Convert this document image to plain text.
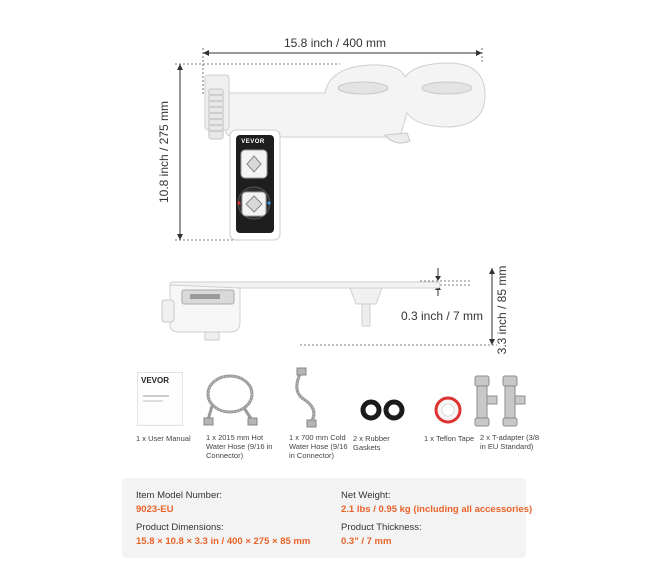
VEVOR
15.8 inch / 400 mm
10.8 inch / 275 mm
0.3 inch / 7 mm 3.3 inch / 85 mm
VEVOR
1 x User Manual	1 x 2015 mm Hot Water Hose (9/16 in Connector)
1 x 700 mm Cold Water Hose (9/16 in Connector)
2 x Rubber Gaskets
1 x Teflon Tape 2 x T-adapter (3/8 in EU Standard)
Item Model Number:
9023-EU
Product Dimensions:
15.8 × 10.8 × 3.3 in / 400 × 275 × 85 mm
Net Weight:
2.1 lbs / 0.95 kg (including all accessories)
Product Thickness:
0.3" / 7 mm
